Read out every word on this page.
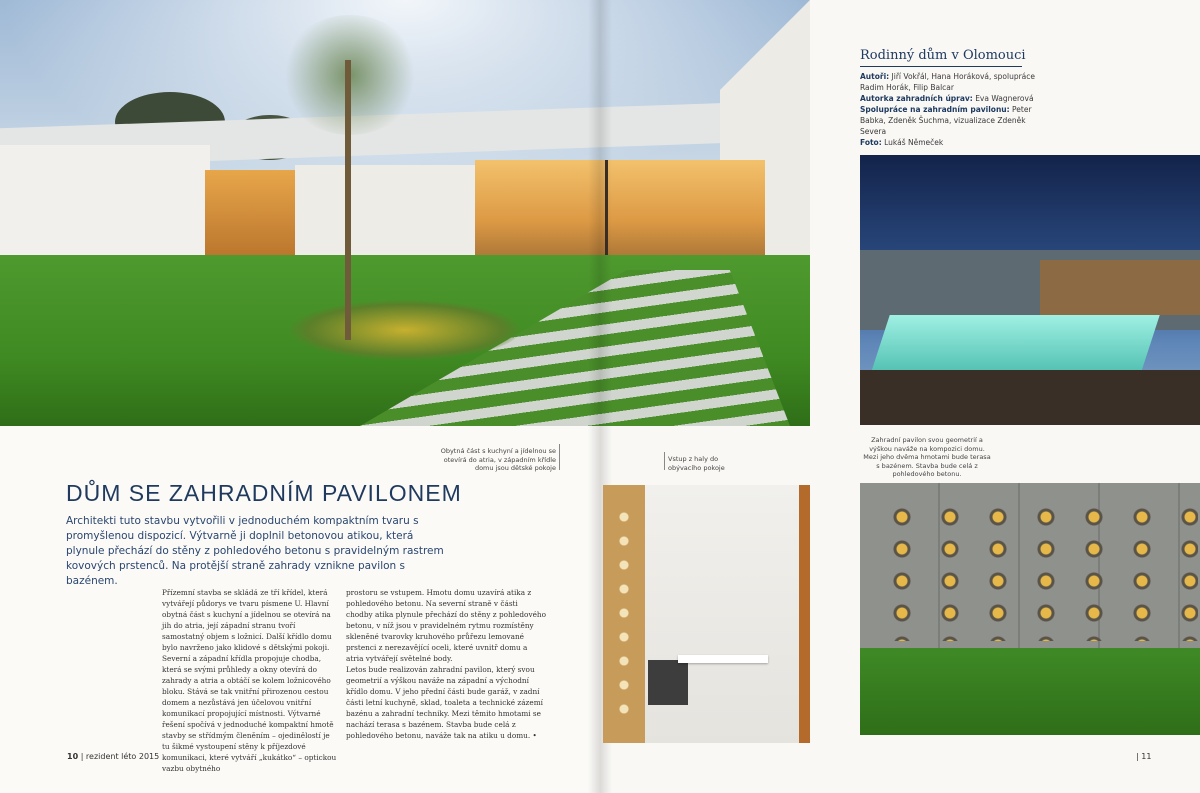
Rodinný dům v Olomouci

Autoři: Jiří Vokřál, Hana Horáková, spolupráce Radim Horák, Filip Balcar

Autorka zahradních úprav: Eva Wagnerová

Spolupráce na zahradním pavilonu: Peter Babka, Zdeněk Šuchma, vizualizace Zdeněk Severa

Foto: Lukáš Němeček

Zahradní pavilon svou geometrií a výškou naváže na kompozici domu. Mezi jeho dvěma hmotami bude terasa s bazénem. Stavba bude celá z pohledového betonu.
Obytná část s kuchyní a jídelnou se otevírá do atria, v západním křídle domu jsou dětské pokoje
Vstup z haly do obývacího pokoje
DŮM SE ZAHRADNÍM PAVILONEM
Architekti tuto stavbu vytvořili v jednoduchém kompaktním tvaru s promyšlenou dispozicí. Výtvarně ji doplnil betonovou atikou, která plynule přechází do stěny z pohledového betonu s pravidelným rastrem kovových prstenců. Na protější straně zahrady vznikne pavilon s bazénem.

Přízemní stavba se skládá ze tří křídel, která vytvářejí půdorys ve tvaru písmene U. Hlavní obytná část s kuchyní a jídelnou se otevírá na jih do atria, její západní stranu tvoří samostatný objem s ložnicí. Další křídlo domu bylo navrženo jako klidové s dětskými pokoji. Severní a západní křídla propojuje chodba, která se svými průhledy a okny otevírá do zahrady a atria a obtáčí se kolem ložnicového bloku. Stává se tak vnitřní přirozenou cestou domem a nezůstává jen účelovou vnitřní komunikací propojující místnosti. Výtvarné řešení spočívá v jednoduché kompaktní hmotě stavby se střídmým členěním – ojedinělostí je tu šikmé vystoupení stěny k příjezdové komunikaci, které vytváří „kukátko“ – optickou vazbu obytného

prostoru se vstupem. Hmotu domu uzavírá atika z pohledového betonu. Na severní straně v části chodby atika plynule přechází do stěny z pohledového betonu, v níž jsou v pravidelném rytmu rozmístěny skleněné tvarovky kruhového průřezu lemované prstenci z nerezavějící oceli, které uvnitř domu a atria vytvářejí světelné body.

Letos bude realizován zahradní pavilon, který svou geometrií a výškou naváže na západní a východní křídlo domu. V jeho přední části bude garáž, v zadní části letní kuchyně, sklad, toaleta a technické zázemí bazénu a zahradní techniky. Mezi těmito hmotami se nachází terasa s bazénem. Stavba bude celá z pohledového betonu, naváže tak na atiku u domu. •

10 | rezident léto 2015	| 11
